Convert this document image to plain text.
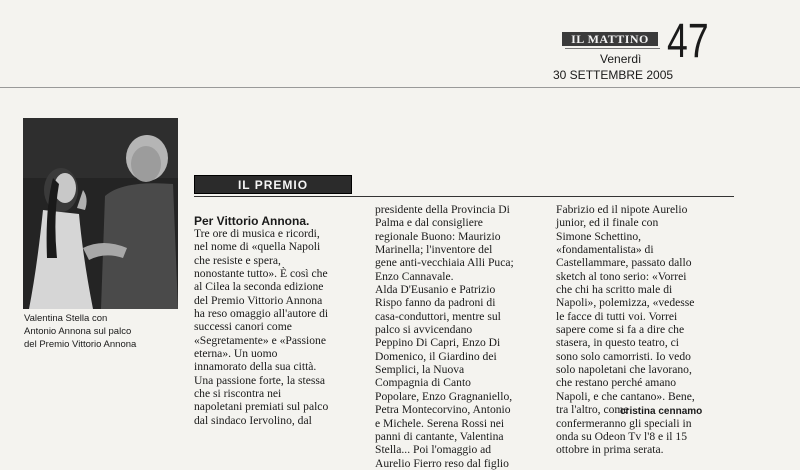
IL MATTINO
Venerdì
30 SETTEMBRE 2005
47
Valentina Stella con
Antonio Annona sul palco
del Premio Vittorio Annona
IL PREMIO
Per Vittorio Annona.
Tre ore di musica e ricordi,
nel nome di «quella Napoli
che resiste e spera,
nonostante tutto». È così che
al Cilea la seconda edizione
del Premio Vittorio Annona
ha reso omaggio all'autore di
successi canori come
«Segretamente» e «Passione
eterna». Un uomo
innamorato della sua città.
Una passione forte, la stessa
che si riscontra nei
napoletani premiati sul palco
dal sindaco Iervolino, dal
presidente della Provincia Di
Palma e dal consigliere
regionale Buono: Maurizio
Marinella; l'inventore del
gene anti-vecchiaia Alli Puca;
Enzo Cannavale.
Alda D'Eusanio e Patrizio
Rispo fanno da padroni di
casa-conduttori, mentre sul
palco si avvicendano
Peppino Di Capri, Enzo Di
Domenico, il Giardino dei
Semplici, la Nuova
Compagnia di Canto
Popolare, Enzo Gragnaniello,
Petra Montecorvino, Antonio
e Michele. Serena Rossi nei
panni di cantante, Valentina
Stella... Poi l'omaggio ad
Aurelio Fierro reso dal figlio
Fabrizio ed il nipote Aurelio
junior, ed il finale con
Simone Schettino,
«fondamentalista» di
Castellammare, passato dallo
sketch al tono serio: «Vorrei
che chi ha scritto male di
Napoli», polemizza, «vedesse
le facce di tutti voi. Vorrei
sapere come si fa a dire che
stasera, in questo teatro, ci
sono solo camorristi. Io vedo
solo napoletani che lavorano,
che restano perché amano
Napoli, e che cantano». Bene,
tra l'altro, come
confermeranno gli speciali in
onda su Odeon Tv l'8 e il 15
ottobre in prima serata.
cristina cennamo
